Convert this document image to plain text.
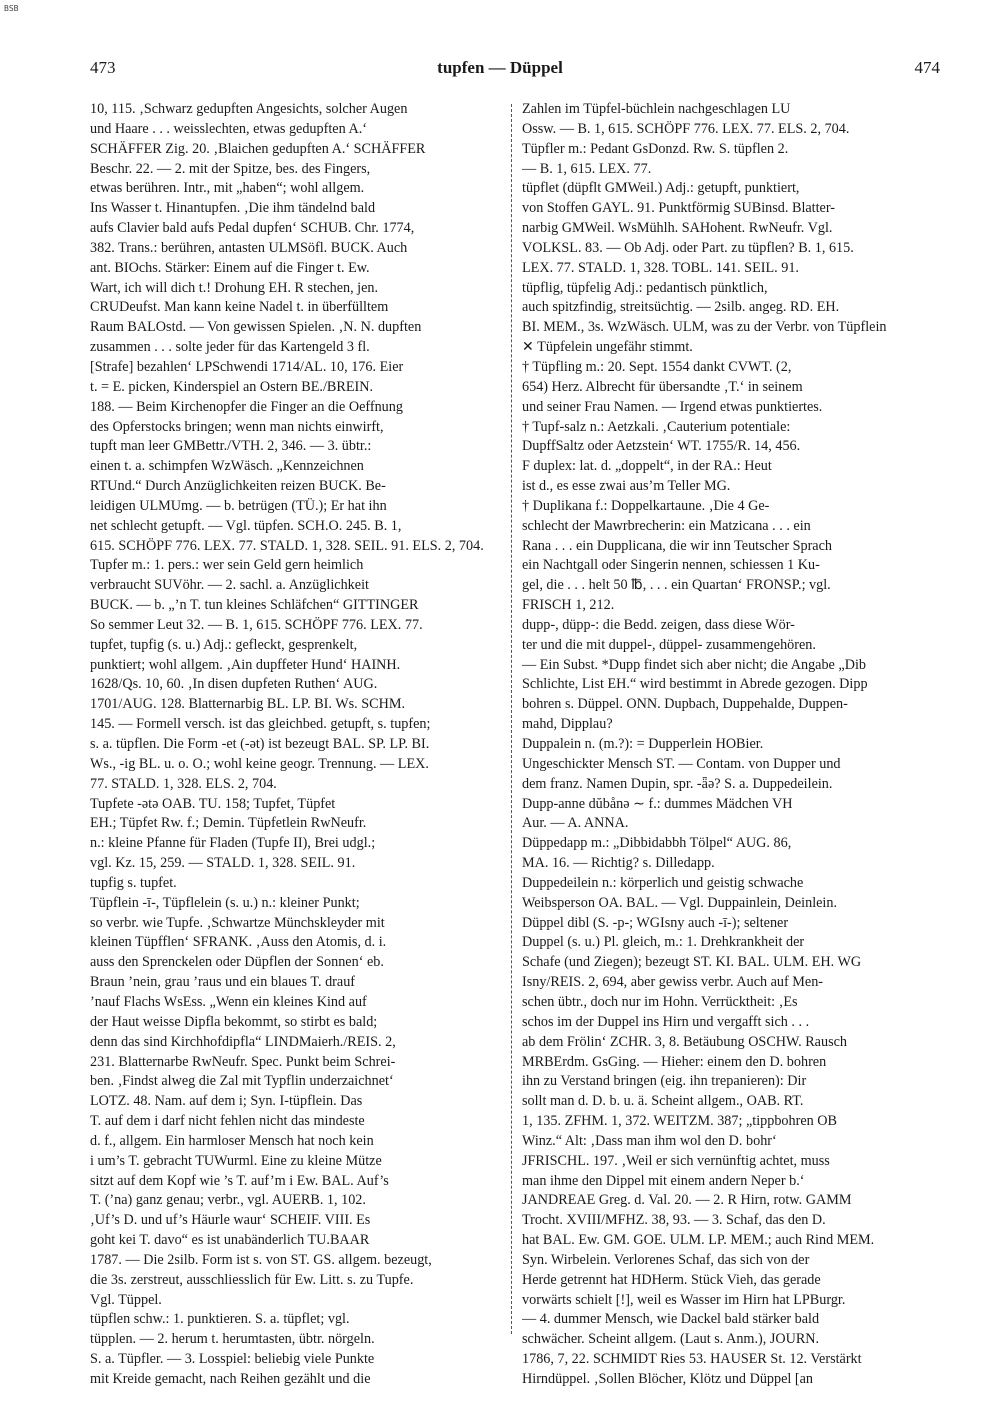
BSB
473	tupfen — Düppel	474
10, 115. ‚Schwarz gedupften Angesichts, solcher Augen
und Haare . . . weisslechten, etwas gedupften A.‘
SCHÄFFER Zig. 20. ‚Blaichen gedupften A.‘ SCHÄFFER
Beschr. 22. — 2. mit der Spitze, bes. des Fingers,
etwas berühren. Intr., mit „haben“; wohl allgem.
Ins Wasser t. Hinantupfen. ‚Die ihm tändelnd bald
aufs Clavier bald aufs Pedal dupfen‘ SCHUB. Chr. 1774,
382. Trans.: berühren, antasten ULMSöfl. BUCK. Auch
ant. BIOchs. Stärker: Einem auf die Finger t. Ew.
Wart, ich will dich t.! Drohung EH. R stechen, jen.
CRUDeufst. Man kann keine Nadel t. in überfülltem
Raum BALOstd. — Von gewissen Spielen. ‚N. N. dupften
zusammen . . . solte jeder für das Kartengeld 3 fl.
[Strafe] bezahlen‘ LPSchwendi 1714/AL. 10, 176. Eier
t. = E. picken, Kinderspiel an Ostern BE./BREIN.
188. — Beim Kirchenopfer die Finger an die Oeffnung
des Opferstocks bringen; wenn man nichts einwirft,
tupft man leer GMBettr./VTH. 2, 346. — 3. übtr.:
einen t. a. schimpfen WzWäsch. „Kennzeichnen
RTUnd.“ Durch Anzüglichkeiten reizen BUCK. Be-
leidigen ULMUmg. — b. betrügen (TÜ.); Er hat ihn
net schlecht getupft. — Vgl. tüpfen. SCH.O. 245. B. 1,
615. SCHÖPF 776. LEX. 77. STALD. 1, 328. SEIL. 91. ELS. 2, 704.
Tupfer m.: 1. pers.: wer sein Geld gern heimlich
verbraucht SUVöhr. — 2. sachl. a. Anzüglichkeit
BUCK. — b. „’n T. tun kleines Schläfchen“ GITTINGER
So semmer Leut 32. — B. 1, 615. SCHÖPF 776. LEX. 77.
tupfet, tupfig (s. u.) Adj.: gefleckt, gesprenkelt,
punktiert; wohl allgem. ‚Ain dupffeter Hund‘ HAINH.
1628/Qs. 10, 60. ‚In disen dupfeten Ruthen‘ AUG.
1701/AUG. 128. Blatternarbig BL. LP. BI. Ws. SCHM.
145. — Formell versch. ist das gleichbed. getupft, s. tupfen;
s. a. tüpflen. Die Form -et (-ət) ist bezeugt BAL. SP. LP. BI.
Ws., -ig BL. u. o. O.; wohl keine geogr. Trennung. — LEX.
77. STALD. 1, 328. ELS. 2, 704.
Tupfete -ətə OAB. TU. 158; Tupfet, Tüpfet
EH.; Tüpfet Rw. f.; Demin. Tüpfetlein RwNeufr.
n.: kleine Pfanne für Fladen (Tupfe II), Brei udgl.;
vgl. Kz. 15, 259. — STALD. 1, 328. SEIL. 91.
tupfig s. tupfet.
Tüpflein -ī-, Tüpflelein (s. u.) n.: kleiner Punkt;
so verbr. wie Tupfe. ‚Schwartze Münchskleyder mit
kleinen Tüpfflen‘ SFRANK. ‚Auss den Atomis, d. i.
auss den Sprenckelen oder Düpflen der Sonnen‘ eb.
Braun ’nein, grau ’raus und ein blaues T. drauf
’nauf Flachs WsEss. „Wenn ein kleines Kind auf
der Haut weisse Dipfla bekommt, so stirbt es bald;
denn das sind Kirchhofdipfla“ LINDMaierh./REIS. 2,
231. Blatternarbe RwNeufr. Spec. Punkt beim Schrei-
ben. ‚Findst alweg die Zal mit Typflin underzaichnet‘
LOTZ. 48. Nam. auf dem i; Syn. I-tüpflein. Das
T. auf dem i darf nicht fehlen nicht das mindeste
d. f., allgem. Ein harmloser Mensch hat noch kein
i um’s T. gebracht TUWurml. Eine zu kleine Mütze
sitzt auf dem Kopf wie ’s T. auf’m i Ew. BAL. Auf’s
T. (’na) ganz genau; verbr., vgl. AUERB. 1, 102.
‚Uf’s D. und uf’s Häurle waur‘ SCHEIF. VIII. Es
goht kei T. davo“ es ist unabänderlich TU.BAAR
1787. — Die 2silb. Form ist s. von ST. GS. allgem. bezeugt,
die 3s. zerstreut, ausschliesslich für Ew. Litt. s. zu Tupfe.
Vgl. Tüppel.
tüpflen schw.: 1. punktieren. S. a. tüpflet; vgl.
tüpplen. — 2. herum t. herumtasten, übtr. nörgeln.
S. a. Tüpfler. — 3. Losspiel: beliebig viele Punkte
mit Kreide gemacht, nach Reihen gezählt und die
Zahlen im Tüpfel-büchlein nachgeschlagen LU
Ossw. — B. 1, 615. SCHÖPF 776. LEX. 77. ELS. 2, 704.
Tüpfler m.: Pedant GsDonzd. Rw. S. tüpflen 2.
— B. 1, 615. LEX. 77.
tüpflet (düpflt GMWeil.) Adj.: getupft, punktiert,
von Stoffen GAYL. 91. Punktförmig SUBinsd. Blatter-
narbig GMWeil. WsMühlh. SAHohent. RwNeufr. Vgl.
VOLKSL. 83. — Ob Adj. oder Part. zu tüpflen? B. 1, 615.
LEX. 77. STALD. 1, 328. TOBL. 141. SEIL. 91.
tüpflig, tüpfelig Adj.: pedantisch pünktlich,
auch spitzfindig, streitsüchtig. — 2silb. angeg. RD. EH.
BI. MEM., 3s. WzWäsch. ULM, was zu der Verbr. von Tüpflein
✕ Tüpfelein ungefähr stimmt.
† Tüpfling m.: 20. Sept. 1554 dankt CVWT. (2,
654) Herz. Albrecht für übersandte ‚T.‘ in seinem
und seiner Frau Namen. — Irgend etwas punktiertes.
† Tupf-salz n.: Aetzkali. ‚Cauterium potentiale:
DupffSaltz oder Aetzstein‘ WT. 1755/R. 14, 456.
F duplex: lat. d. „doppelt“, in der RA.: Heut
ist d., es esse zwai aus’m Teller MG.
† Duplikana f.: Doppelkartaune. ‚Die 4 Ge-
schlecht der Mawrbrecherin: ein Matzicana . . . ein
Rana . . . ein Dupplicana, die wir inn Teutscher Sprach
ein Nachtgall oder Singerin nennen, schiessen 1 Ku-
gel, die . . . helt 50 ℔, . . . ein Quartan‘ FRONSP.; vgl.
FRISCH 1, 212.
dupp-, düpp-: die Bedd. zeigen, dass diese Wör-
ter und die mit duppel-, düppel- zusammengehören.
— Ein Subst. *Dupp findet sich aber nicht; die Angabe „Dib
Schlichte, List EH.“ wird bestimmt in Abrede gezogen. Dipp
bohren s. Düppel. ONN. Dupbach, Duppehalde, Duppen-
mahd, Dipplau?
Duppalein n. (m.?): = Dupperlein HOBier.
Ungeschickter Mensch ST. — Contam. von Dupper und
dem franz. Namen Dupin, spr. -ǟǝ? S. a. Duppedeilein.
Dupp-anne dŭbånə ∼ f.: dummes Mädchen VH
Aur. — A. ANNA.
Düppedapp m.: „Dibbidabbh Tölpel“ AUG. 86,
MA. 16. — Richtig? s. Dilledapp.
Duppedeilein n.: körperlich und geistig schwache
Weibsperson OA. BAL. — Vgl. Duppainlein, Deinlein.
Düppel dibl (S. -p-; WGIsny auch -ī-); seltener
Duppel (s. u.) Pl. gleich, m.: 1. Drehkrankheit der
Schafe (und Ziegen); bezeugt ST. KI. BAL. ULM. EH. WG
Isny/REIS. 2, 694, aber gewiss verbr. Auch auf Men-
schen übtr., doch nur im Hohn. Verrücktheit: ‚Es
schos im der Duppel ins Hirn und vergafft sich . . .
ab dem Frölin‘ ZCHR. 3, 8. Betäubung OSCHW. Rausch
MRBErdm. GsGing. — Hieher: einem den D. bohren
ihn zu Verstand bringen (eig. ihn trepanieren): Dir
sollt man d. D. b. u. ä. Scheint allgem., OAB. RT.
1, 135. ZFHM. 1, 372. WEITZM. 387; „tippbohren OB
Winz.“ Alt: ‚Dass man ihm wol den D. bohr‘
JFRISCHL. 197. ‚Weil er sich vernünftig achtet, muss
man ihme den Dippel mit einem andern Neper b.‘
JANDREAE Greg. d. Val. 20. — 2. R Hirn, rotw. GAMM
Trocht. XVIII/MFHZ. 38, 93. — 3. Schaf, das den D.
hat BAL. Ew. GM. GOE. ULM. LP. MEM.; auch Rind MEM.
Syn. Wirbelein. Verlorenes Schaf, das sich von der
Herde getrennt hat HDHerm. Stück Vieh, das gerade
vorwärts schielt [!], weil es Wasser im Hirn hat LPBurgr.
— 4. dummer Mensch, wie Dackel bald stärker bald
schwächer. Scheint allgem. (Laut s. Anm.), JOURN.
1786, 7, 22. SCHMIDT Ries 53. HAUSER St. 12. Verstärkt
Hirndüppel. ‚Sollen Blöcher, Klötz und Düppel [an
